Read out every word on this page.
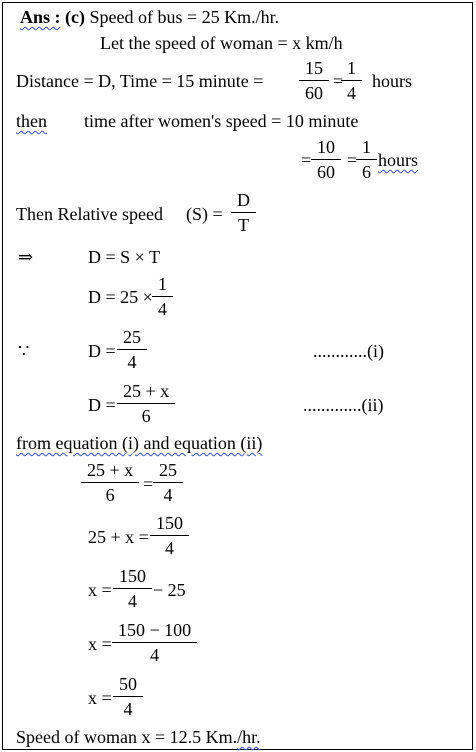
Ans : (c) Speed of bus = 25 Km./hr.
Let the speed of woman = x km/h
Distance = D, Time = 15 minute = $\frac{15}{60} = \frac{1}{4}$ hours
then time after women's speed = 10 minute
= $\frac{10}{60} = \frac{1}{6}$ hours
Then Relative speed $(S) = \frac{D}{T}$
⇒	D = S × T
$D = 25 \times \frac{1}{4}$
∵	$D = \frac{25}{4}$	............(i)
$D = \frac{25 + x}{6}$	.............(ii)
from equation (i) and equation (ii)
$\frac{25 + x}{6} = \frac{25}{4}$
$25 + x = \frac{150}{4}$
$x = \frac{150}{4} - 25$
$x = \frac{150 - 100}{4}$
$x = \frac{50}{4}$
Speed of woman x = 12.5 Km./hr.
